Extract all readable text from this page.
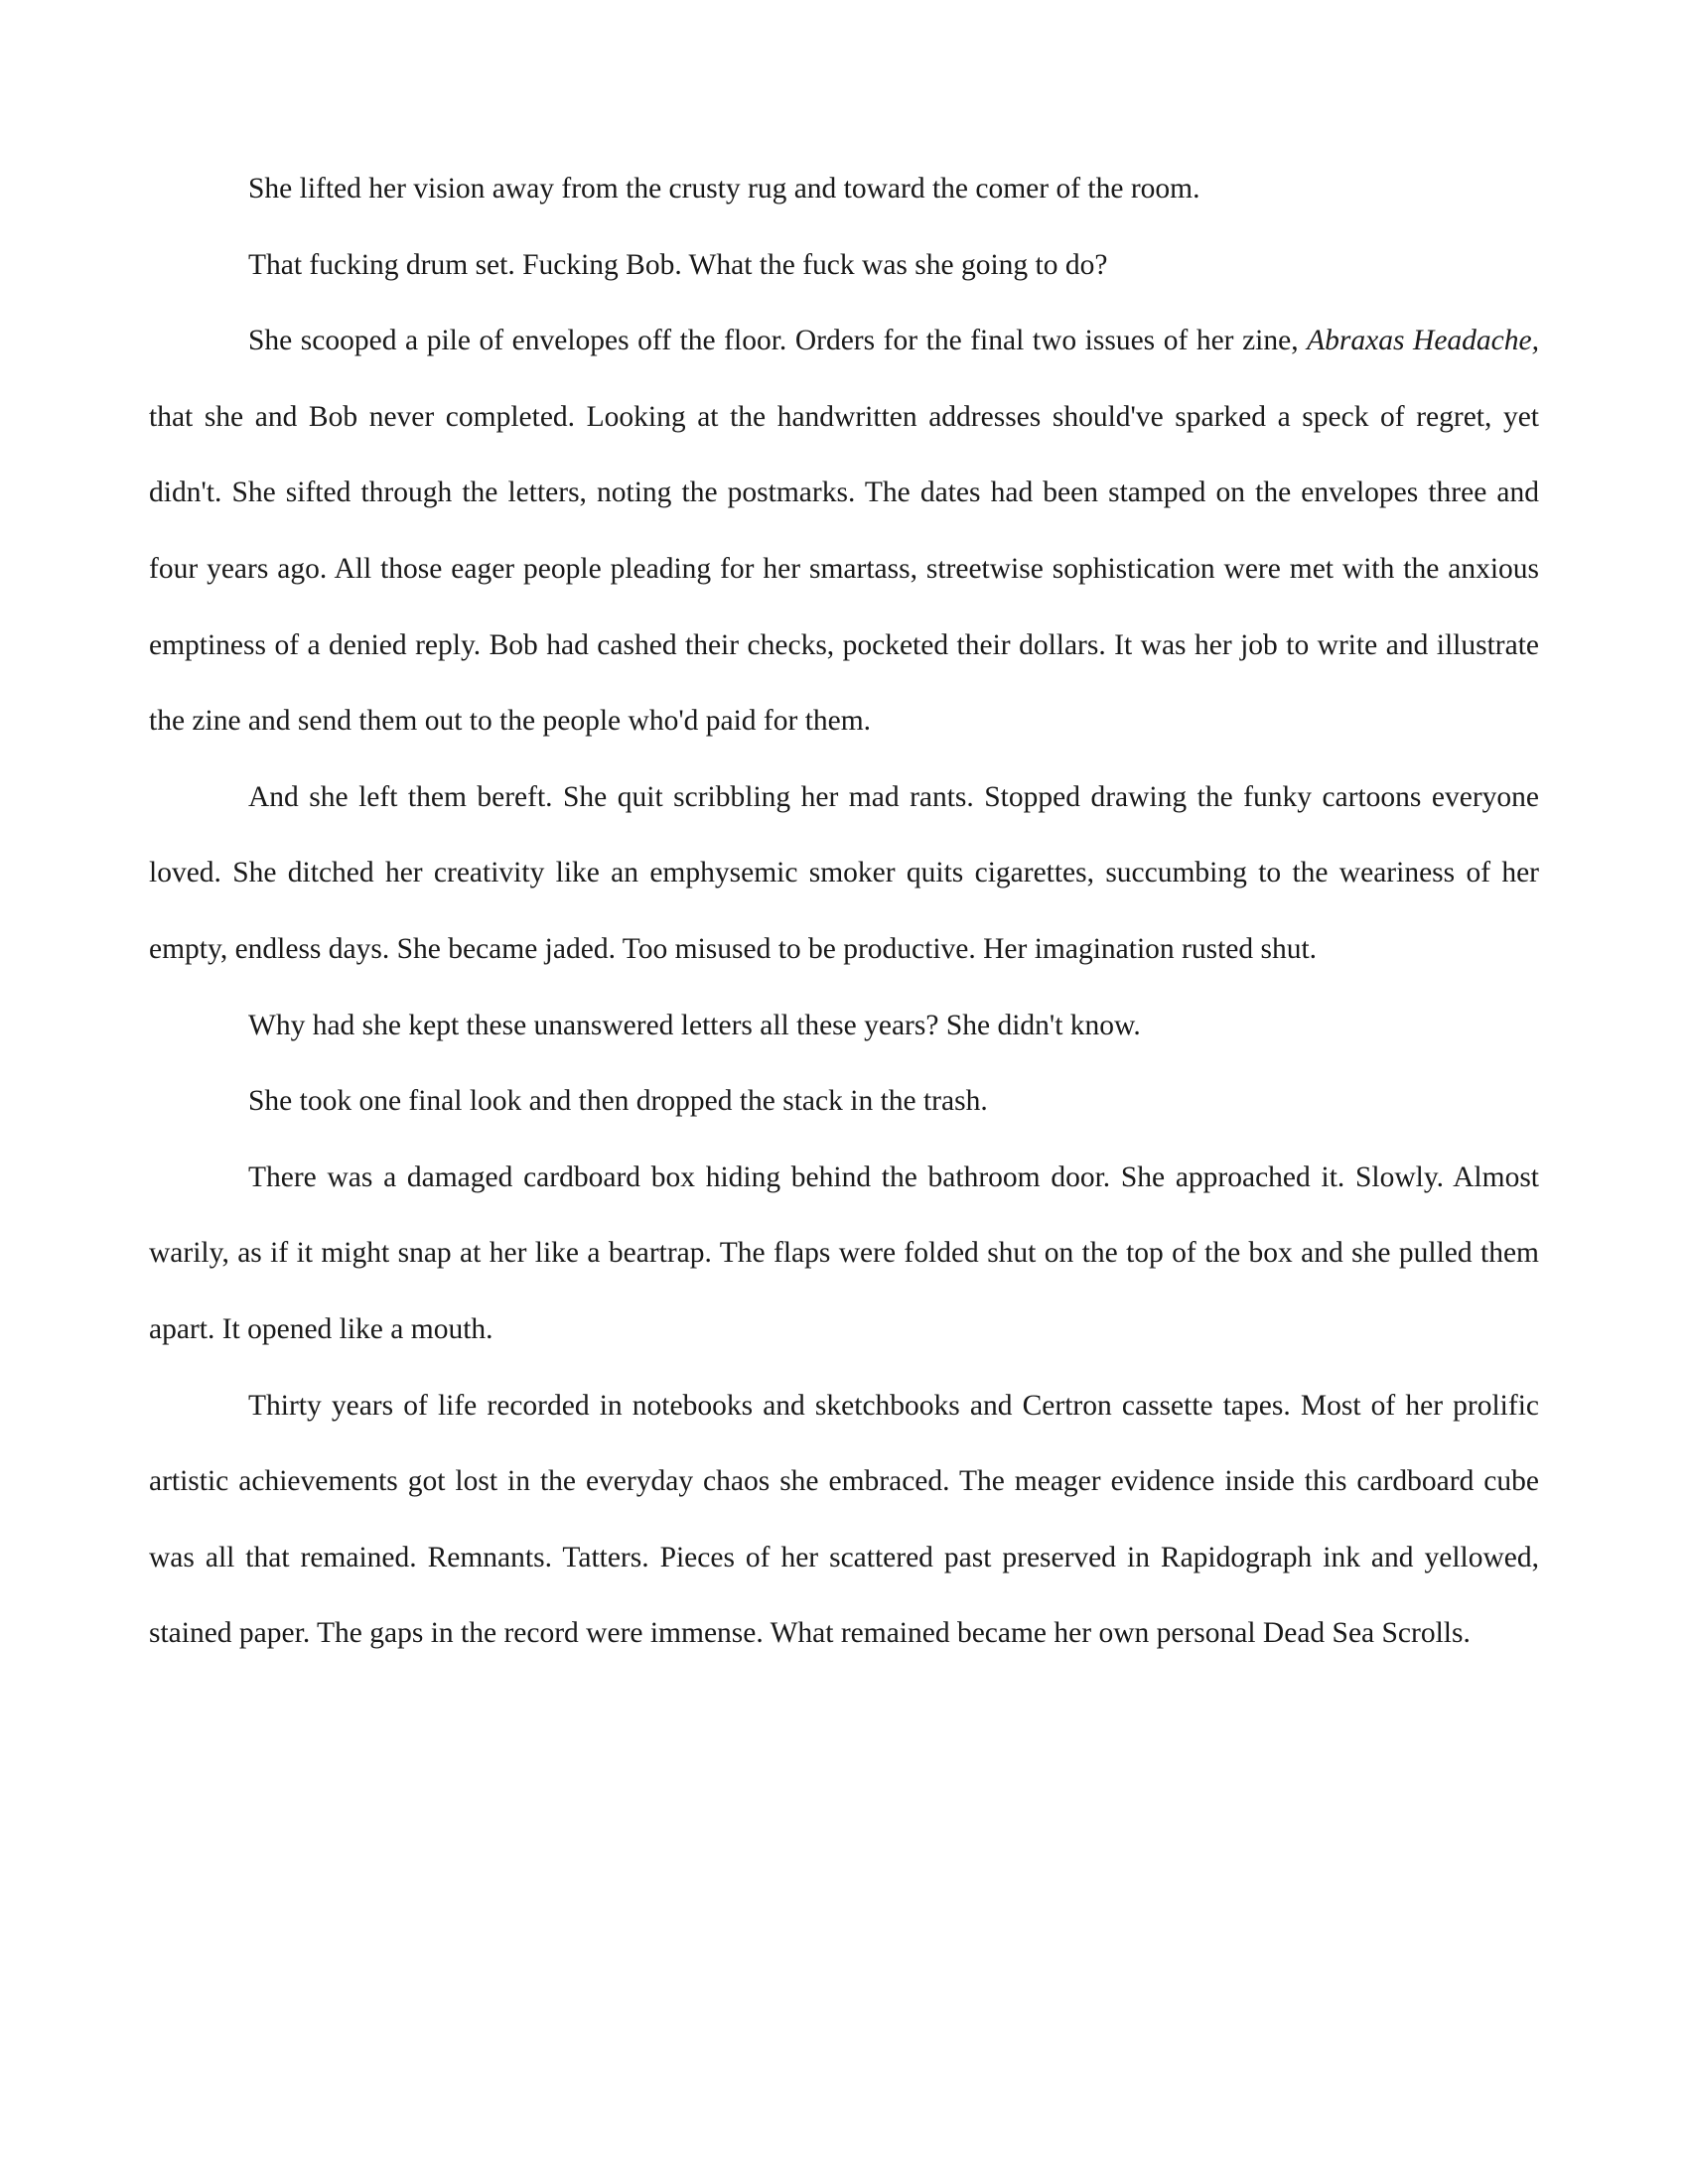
She lifted her vision away from the crusty rug and toward the comer of the room.

That fucking drum set. Fucking Bob. What the fuck was she going to do?

She scooped a pile of envelopes off the floor. Orders for the final two issues of her zine, Abraxas Headache, that she and Bob never completed. Looking at the handwritten addresses should've sparked a speck of regret, yet didn't. She sifted through the letters, noting the postmarks. The dates had been stamped on the envelopes three and four years ago. All those eager people pleading for her smartass, streetwise sophistication were met with the anxious emptiness of a denied reply. Bob had cashed their checks, pocketed their dollars. It was her job to write and illustrate the zine and send them out to the people who'd paid for them.

And she left them bereft. She quit scribbling her mad rants. Stopped drawing the funky cartoons everyone loved. She ditched her creativity like an emphysemic smoker quits cigarettes, succumbing to the weariness of her empty, endless days. She became jaded. Too misused to be productive. Her imagination rusted shut.

Why had she kept these unanswered letters all these years? She didn't know.

She took one final look and then dropped the stack in the trash.

There was a damaged cardboard box hiding behind the bathroom door. She approached it. Slowly. Almost warily, as if it might snap at her like a beartrap. The flaps were folded shut on the top of the box and she pulled them apart. It opened like a mouth.

Thirty years of life recorded in notebooks and sketchbooks and Certron cassette tapes. Most of her prolific artistic achievements got lost in the everyday chaos she embraced. The meager evidence inside this cardboard cube was all that remained. Remnants. Tatters. Pieces of her scattered past preserved in Rapidograph ink and yellowed, stained paper. The gaps in the record were immense. What remained became her own personal Dead Sea Scrolls.
